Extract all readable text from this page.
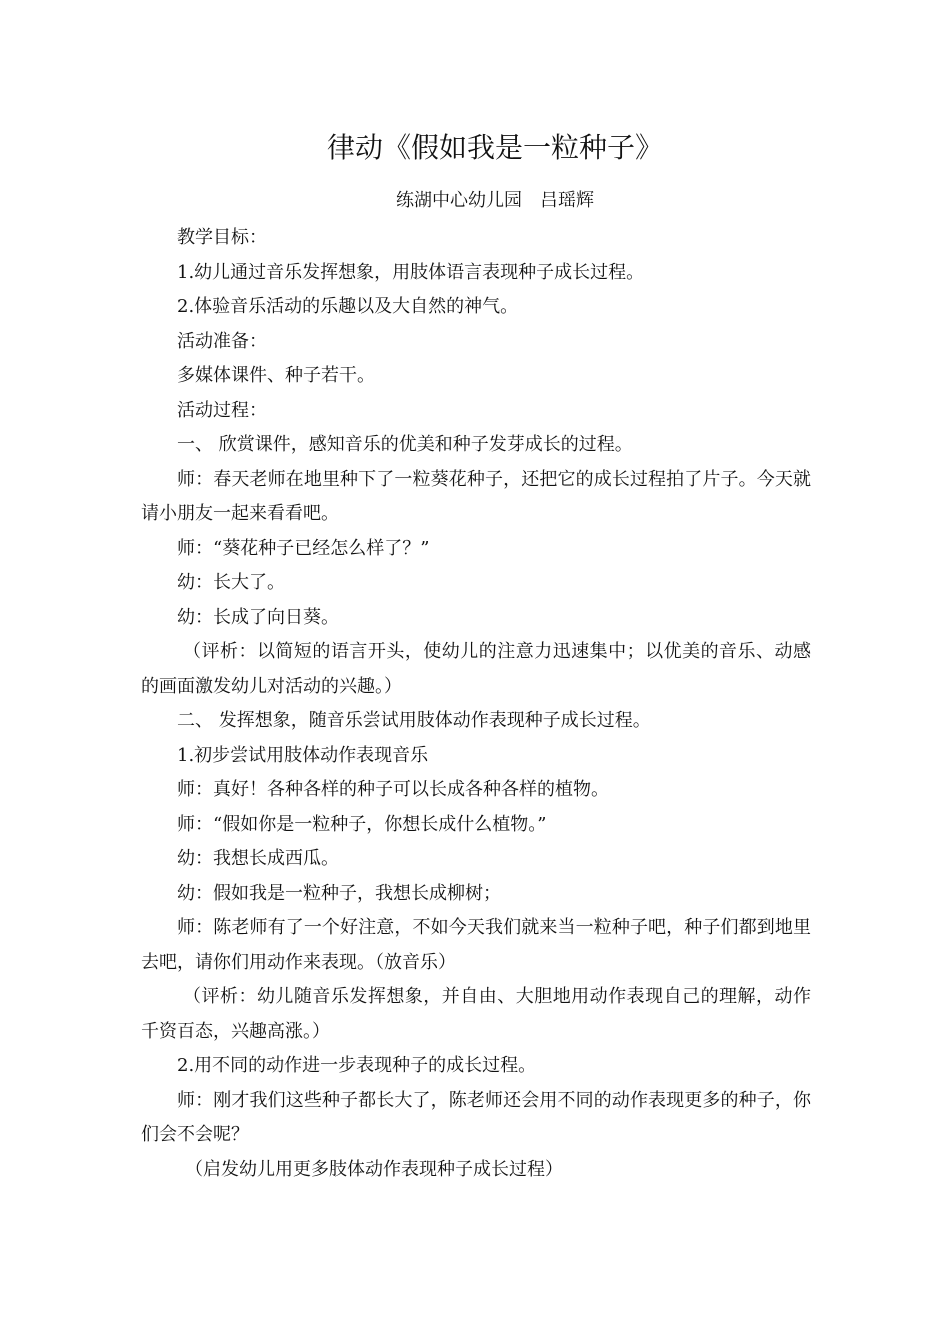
律动《假如我是一粒种子》
练湖中心幼儿园　吕瑶辉

教学目标：

1.幼儿通过音乐发挥想象，用肢体语言表现种子成长过程。

2.体验音乐活动的乐趣以及大自然的神气。

活动准备：

多媒体课件、种子若干。

活动过程：

一、 欣赏课件，感知音乐的优美和种子发芽成长的过程。

师：春天老师在地里种下了一粒葵花种子，还把它的成长过程拍了片子。今天就请小朋友一起来看看吧。

师：“葵花种子已经怎么样了？”

幼：长大了。

幼：长成了向日葵。

（评析：以简短的语言开头，使幼儿的注意力迅速集中；以优美的音乐、动感的画面激发幼儿对活动的兴趣。）

二、 发挥想象，随音乐尝试用肢体动作表现种子成长过程。

1.初步尝试用肢体动作表现音乐

师：真好！各种各样的种子可以长成各种各样的植物。

师：“假如你是一粒种子，你想长成什么植物。”

幼：我想长成西瓜。

幼：假如我是一粒种子，我想长成柳树；

师：陈老师有了一个好注意，不如今天我们就来当一粒种子吧，种子们都到地里去吧，请你们用动作来表现。（放音乐）

（评析：幼儿随音乐发挥想象，并自由、大胆地用动作表现自己的理解，动作千资百态，兴趣高涨。）

2.用不同的动作进一步表现种子的成长过程。

师：刚才我们这些种子都长大了，陈老师还会用不同的动作表现更多的种子，你们会不会呢？

（启发幼儿用更多肢体动作表现种子成长过程）
